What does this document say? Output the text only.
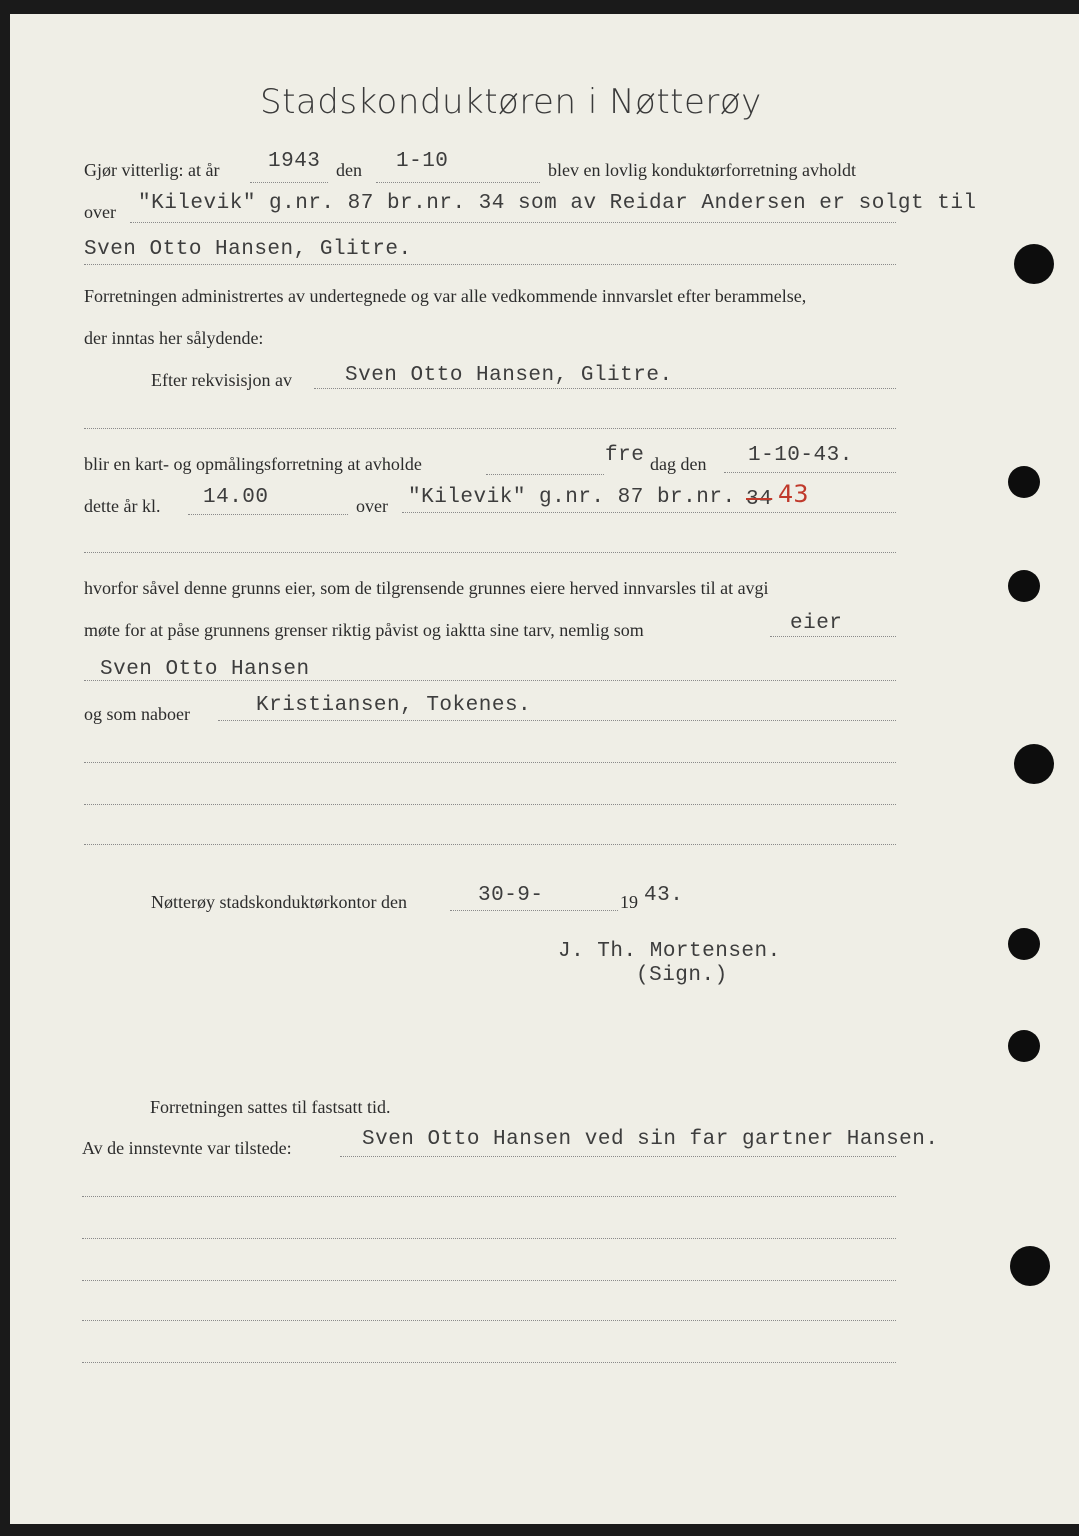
Stadskonduktøren i Nøtterøy
Gjør vitterlig: at år 1943 den 1-10	blev en lovlig konduktørforretning avholdt
over "Kilevik" g.nr. 87 br.nr. 34 som av Reidar Andersen er solgt til
Sven Otto Hansen, Glitre.
Forretningen administrertes av undertegnede og var alle vedkommende innvarslet efter berammelse,
der inntas her sålydende:
Efter rekvisisjon av	Sven Otto Hansen, Glitre.
blir en kart- og opmålingsforretning at avholde	fre dag den 1-10-43.
dette år kl. 14.00	over "Kilevik" g.nr. 87 br.nr. 34 43
hvorfor såvel denne grunns eier, som de tilgrensende grunnes eiere herved innvarsles til at avgi
møte for at påse grunnens grenser riktig påvist og iaktta sine tarv, nemlig som	eier
Sven Otto Hansen
og som naboer	Kristiansen, Tokenes.
Nøtterøy stadskonduktørkontor den	30-9-	19 43.
J. Th. Mortensen.
(Sign.)
Forretningen sattes til fastsatt tid.
Av de innstevnte var tilstede:	Sven Otto Hansen ved sin far gartner Hansen.
